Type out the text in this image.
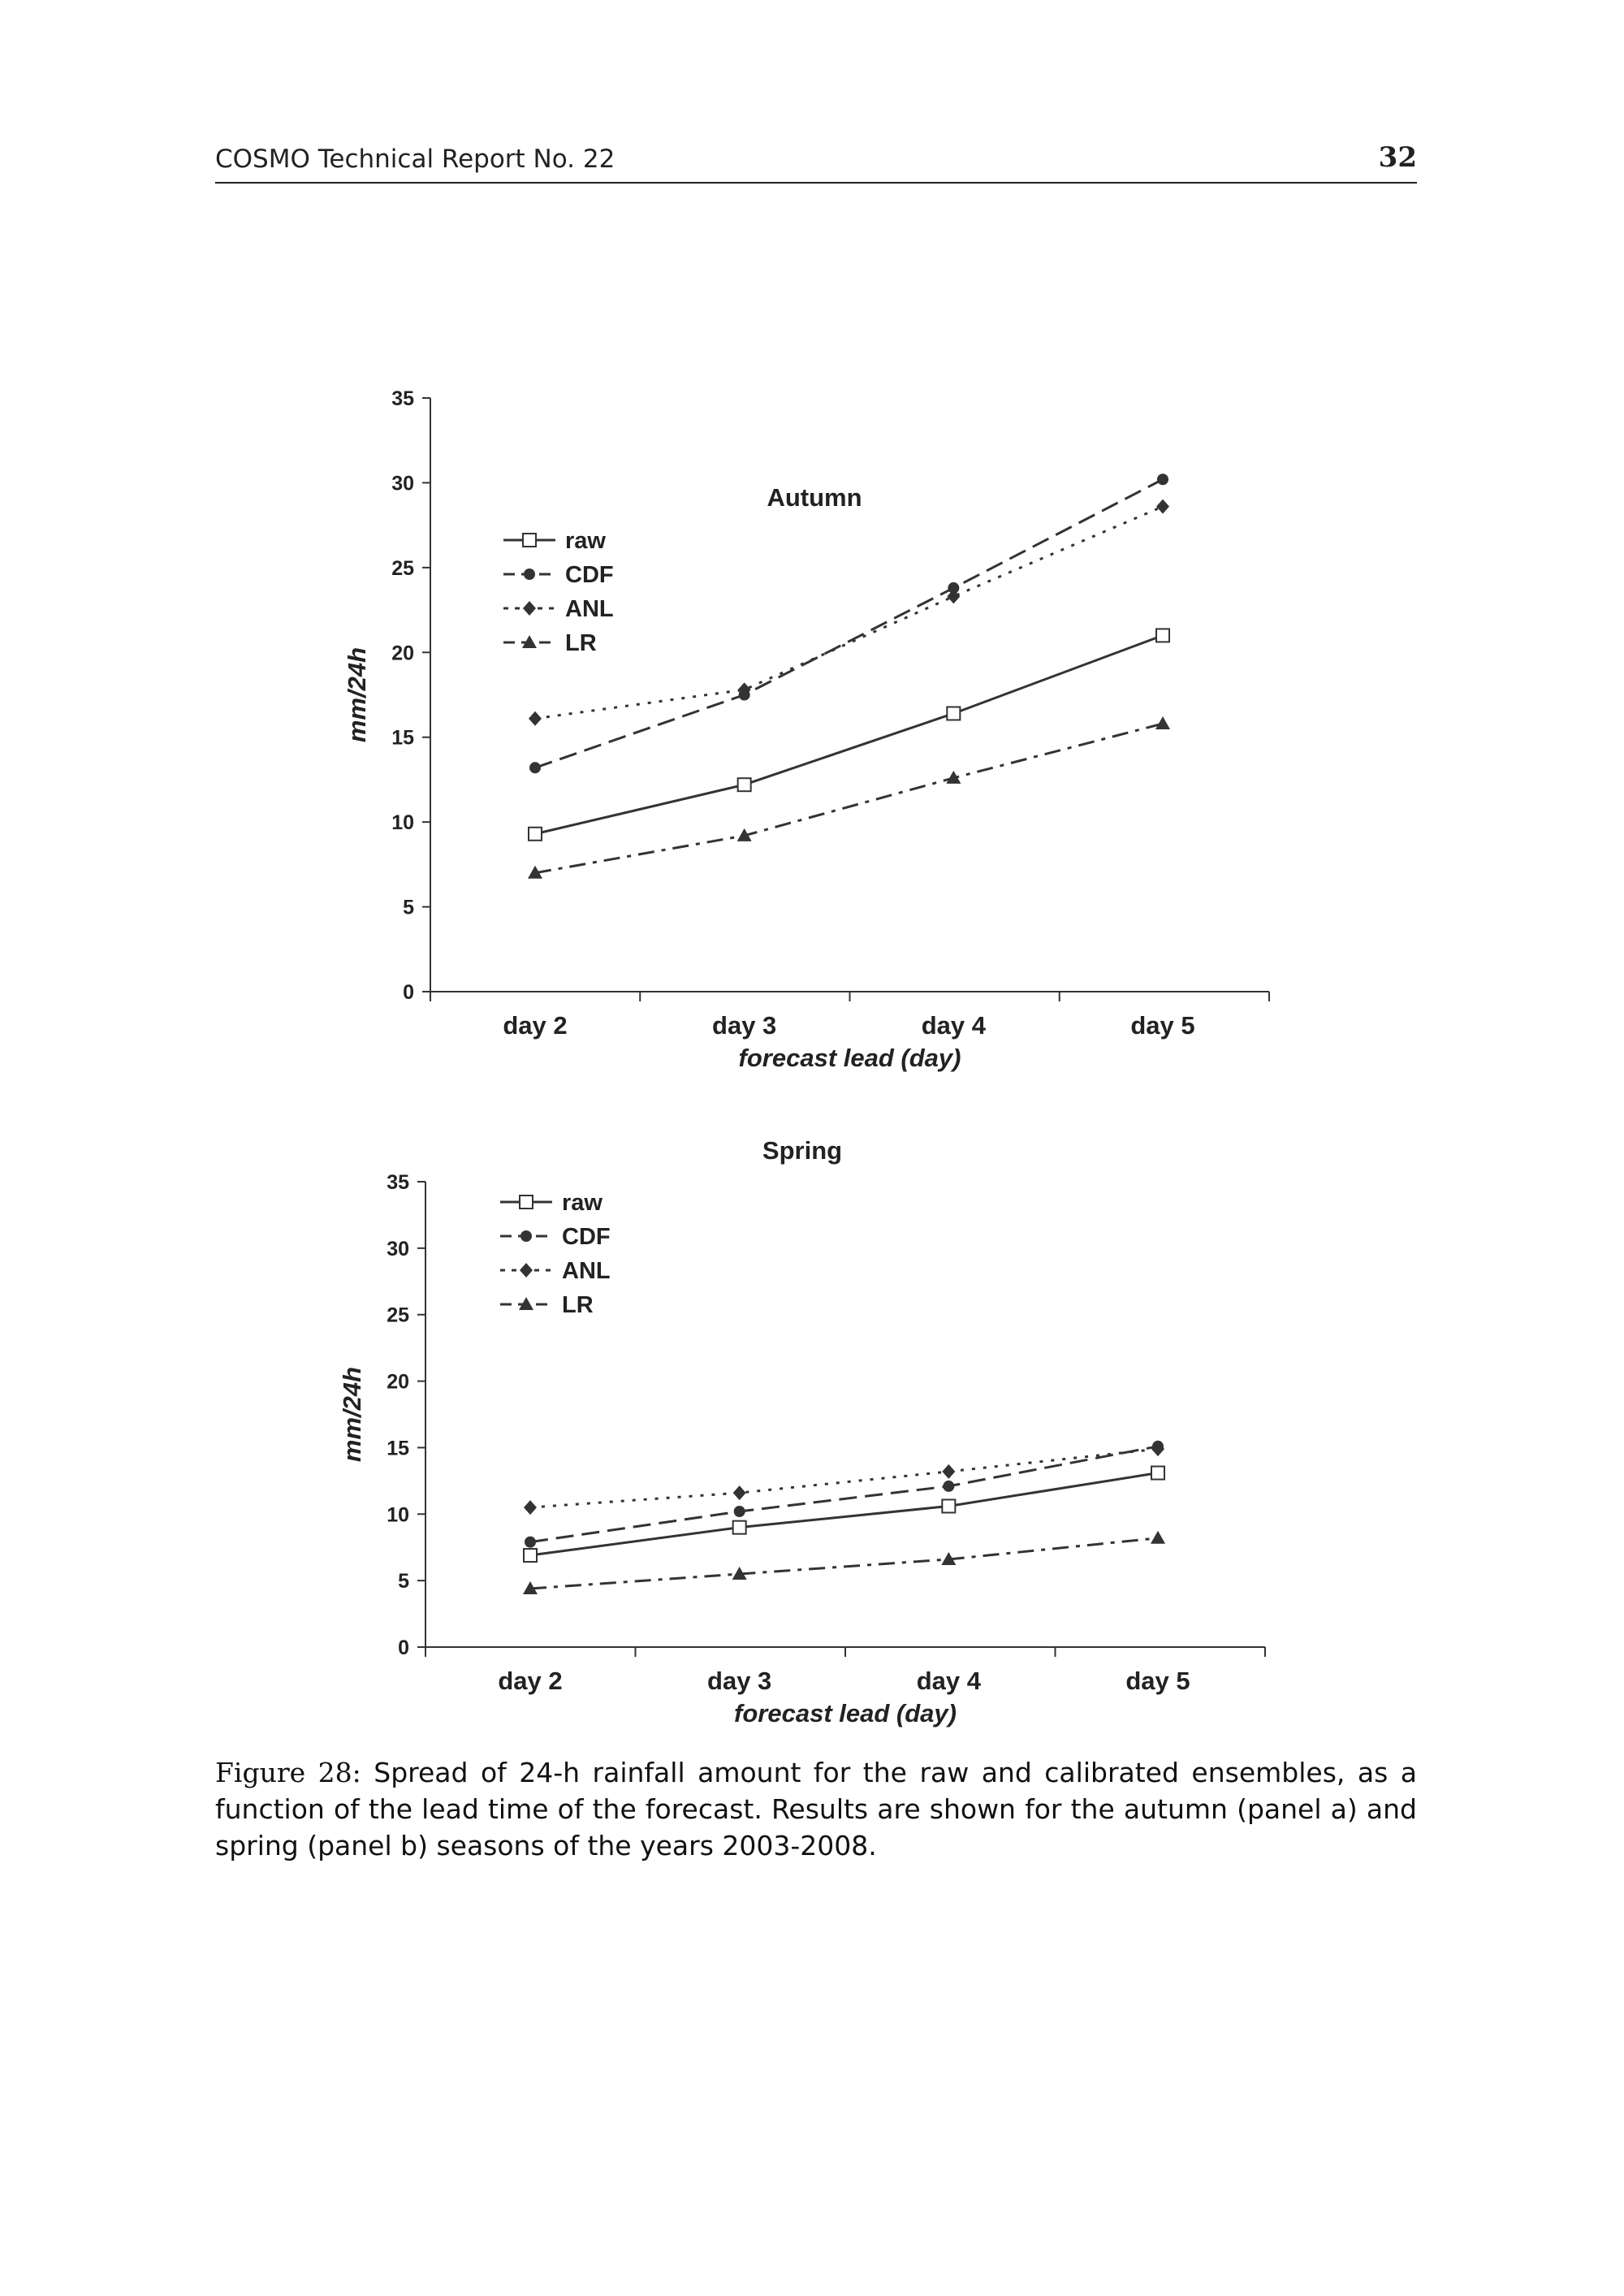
COSMO Technical Report No. 22	32
Autumn
0
5
10
15
20
25
30
35
day 2	day 3	day 4	day 5
forecast lead (day)
mm/24h
raw
CDF
ANL
LR
Spring
0
5
10
15
20
25
30
35
day 2	day 3	day 4	day 5
forecast lead (day)
mm/24h
raw
CDF
ANL
LR
Figure 28: Spread of 24-h rainfall amount for the raw and calibrated ensembles, as a function of the lead time of the forecast. Results are shown for the autumn (panel a) and spring (panel b) seasons of the years 2003-2008.
